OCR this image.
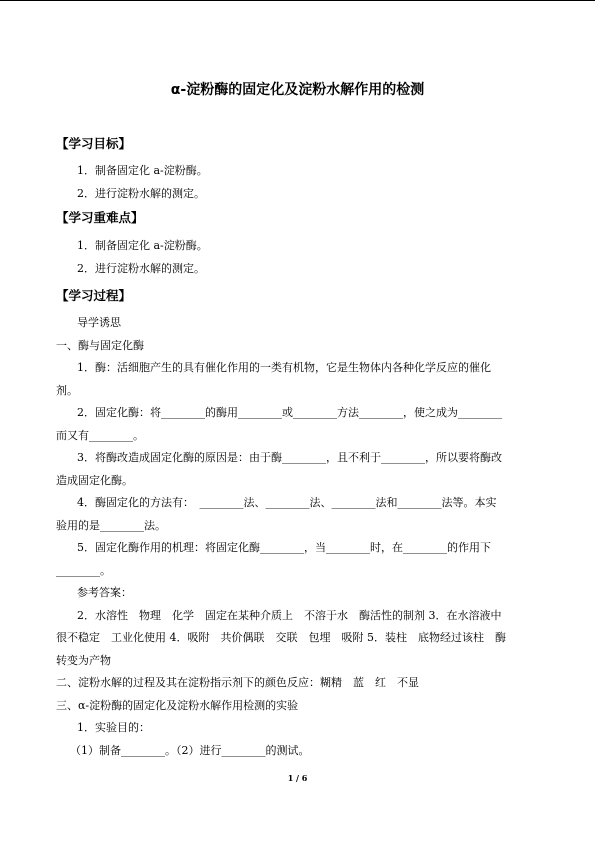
α-淀粉酶的固定化及淀粉水解作用的检测
【学习目标】
1．制备固定化 a-淀粉酶。
2．进行淀粉水解的测定。
【学习重难点】
1．制备固定化 a-淀粉酶。
2．进行淀粉水解的测定。
【学习过程】
导学诱思
一、酶与固定化酶
1．酶：活细胞产生的具有催化作用的一类有机物，它是生物体内各种化学反应的催化
剂。
2．固定化酶：将________的酶用________或________方法________，使之成为________
而又有________。
3．将酶改造成固定化酶的原因是：由于酶________，且不利于________，所以要将酶改
造成固定化酶。
4．酶固定化的方法有：　________法、________法、________法和________法等。本实
验用的是________法。
5．固定化酶作用的机理：将固定化酶________，当________时，在________的作用下
________。
参考答案：
2．水溶性　物理　化学　固定在某种介质上　不溶于水　酶活性的制剂 3．在水溶液中
很不稳定　工业化使用 4．吸附　共价偶联　交联　包埋　吸附 5．装柱　底物经过该柱　酶
转变为产物
二、淀粉水解的过程及其在淀粉指示剂下的颜色反应：糊精　蓝　红　不显
三、α-淀粉酶的固定化及淀粉水解作用检测的实验
1．实验目的：
（1）制备________。（2）进行________的测试。
1 / 6
